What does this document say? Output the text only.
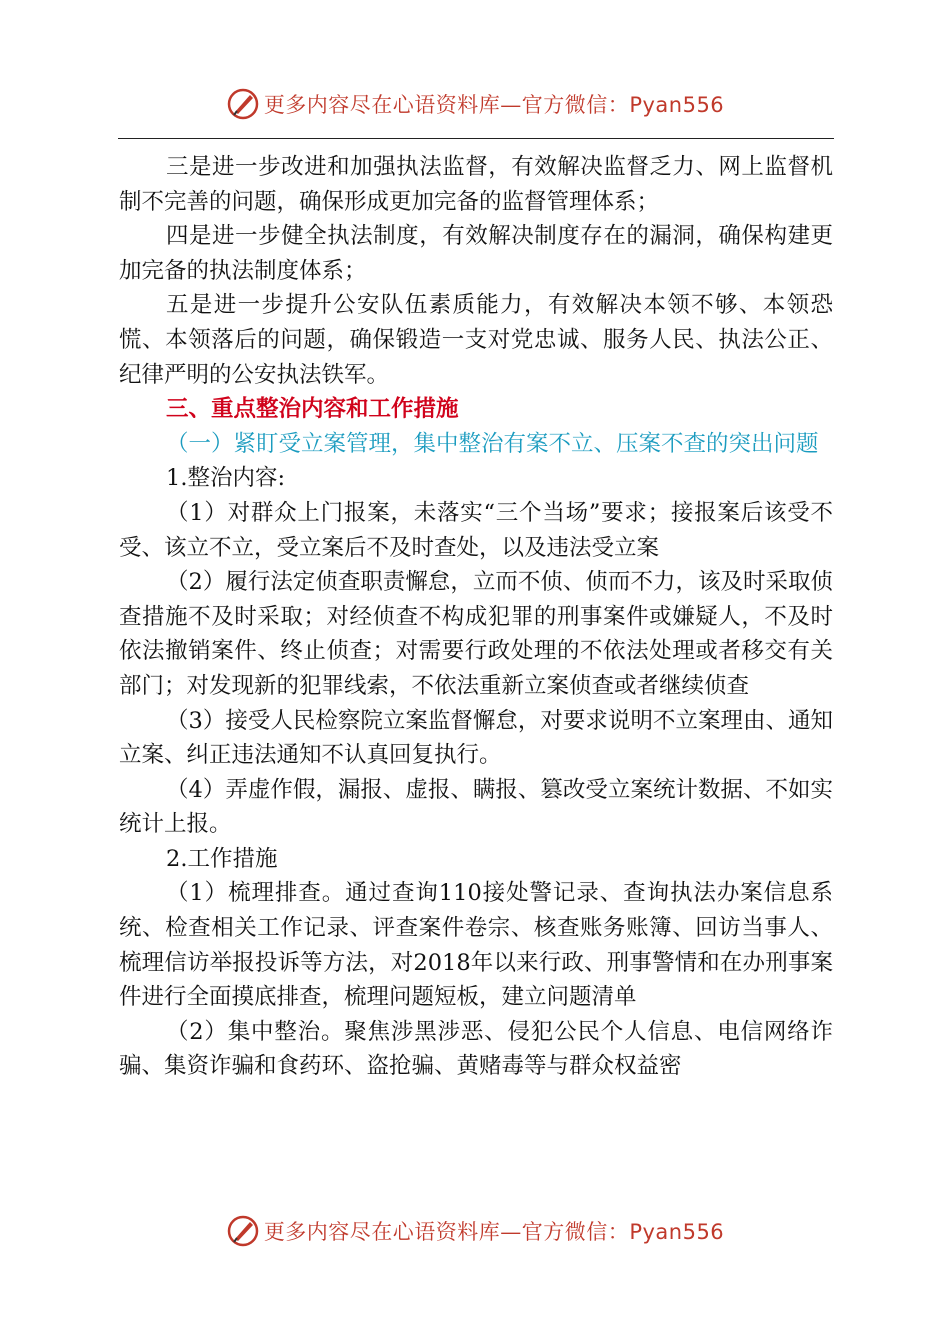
更多内容尽在心语资料库—官方微信：Pyan556

三是进一步改进和加强执法监督，有效解决监督乏力、网上监督机制不完善的问题，确保形成更加完备的监督管理体系；

四是进一步健全执法制度，有效解决制度存在的漏洞，确保构建更加完备的执法制度体系；

五是进一步提升公安队伍素质能力，有效解决本领不够、本领恐慌、本领落后的问题，确保锻造一支对党忠诚、服务人民、执法公正、纪律严明的公安执法铁军。

三、重点整治内容和工作措施

（一）紧盯受立案管理，集中整治有案不立、压案不查的突出问题

1.整治内容:

（1）对群众上门报案，未落实“三个当场”要求；接报案后该受不受、该立不立，受立案后不及时查处，以及违法受立案

（2）履行法定侦查职责懈怠，立而不侦、侦而不力，该及时采取侦查措施不及时采取；对经侦查不构成犯罪的刑事案件或嫌疑人，不及时依法撤销案件、终止侦查；对需要行政处理的不依法处理或者移交有关部门；对发现新的犯罪线索，不依法重新立案侦查或者继续侦查

（3）接受人民检察院立案监督懈怠，对要求说明不立案理由、通知立案、纠正违法通知不认真回复执行。

（4）弄虚作假，漏报、虚报、瞒报、篡改受立案统计数据、不如实统计上报。

2.工作措施

（1）梳理排查。通过查询110接处警记录、查询执法办案信息系统、检查相关工作记录、评查案件卷宗、核查账务账簿、回访当事人、梳理信访举报投诉等方法，对2018年以来行政、刑事警情和在办刑事案件进行全面摸底排查，梳理问题短板，建立问题清单

（2）集中整治。聚焦涉黑涉恶、侵犯公民个人信息、电信网络诈骗、集资诈骗和食药环、盗抢骗、黄赌毒等与群众权益密

更多内容尽在心语资料库—官方微信：Pyan556
